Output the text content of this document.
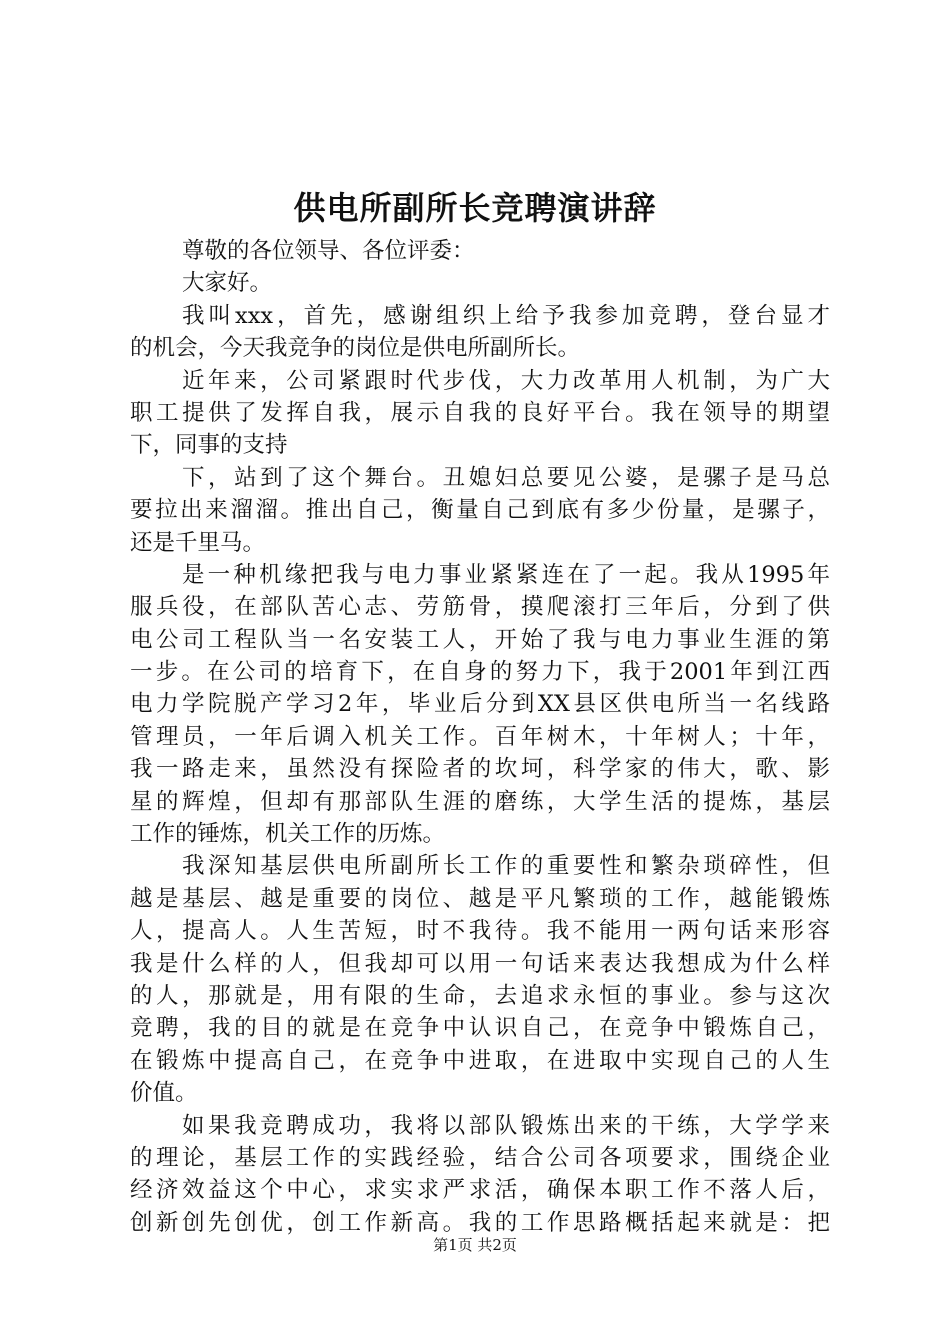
供电所副所长竞聘演讲辞
尊敬的各位领导、各位评委：
大家好。
我叫xxx，首先，感谢组织上给予我参加竞聘，登台显才
的机会，今天我竞争的岗位是供电所副所长。
近年来，公司紧跟时代步伐，大力改革用人机制，为广大
职工提供了发挥自我，展示自我的良好平台。我在领导的期望
下，同事的支持
下，站到了这个舞台。丑媳妇总要见公婆，是骡子是马总
要拉出来溜溜。推出自己，衡量自己到底有多少份量，是骡子，
还是千里马。
是一种机缘把我与电力事业紧紧连在了一起。我从1995年
服兵役，在部队苦心志、劳筋骨，摸爬滚打三年后，分到了供
电公司工程队当一名安装工人，开始了我与电力事业生涯的第
一步。在公司的培育下，在自身的努力下，我于2001年到江西
电力学院脱产学习2年，毕业后分到XX县区供电所当一名线路
管理员，一年后调入机关工作。百年树木，十年树人；十年，
我一路走来，虽然没有探险者的坎坷，科学家的伟大，歌、影
星的辉煌，但却有那部队生涯的磨练，大学生活的提炼，基层
工作的锤炼，机关工作的历炼。
我深知基层供电所副所长工作的重要性和繁杂琐碎性，但
越是基层、越是重要的岗位、越是平凡繁琐的工作，越能锻炼
人，提高人。人生苦短，时不我待。我不能用一两句话来形容
我是什么样的人，但我却可以用一句话来表达我想成为什么样
的人，那就是，用有限的生命，去追求永恒的事业。参与这次
竞聘，我的目的就是在竞争中认识自己，在竞争中锻炼自己，
在锻炼中提高自己，在竞争中进取，在进取中实现自己的人生
价值。
如果我竞聘成功，我将以部队锻炼出来的干练，大学学来
的理论，基层工作的实践经验，结合公司各项要求，围绕企业
经济效益这个中心，求实求严求活，确保本职工作不落人后，
创新创先创优，创工作新高。我的工作思路概括起来就是：把
第1页 共2页
